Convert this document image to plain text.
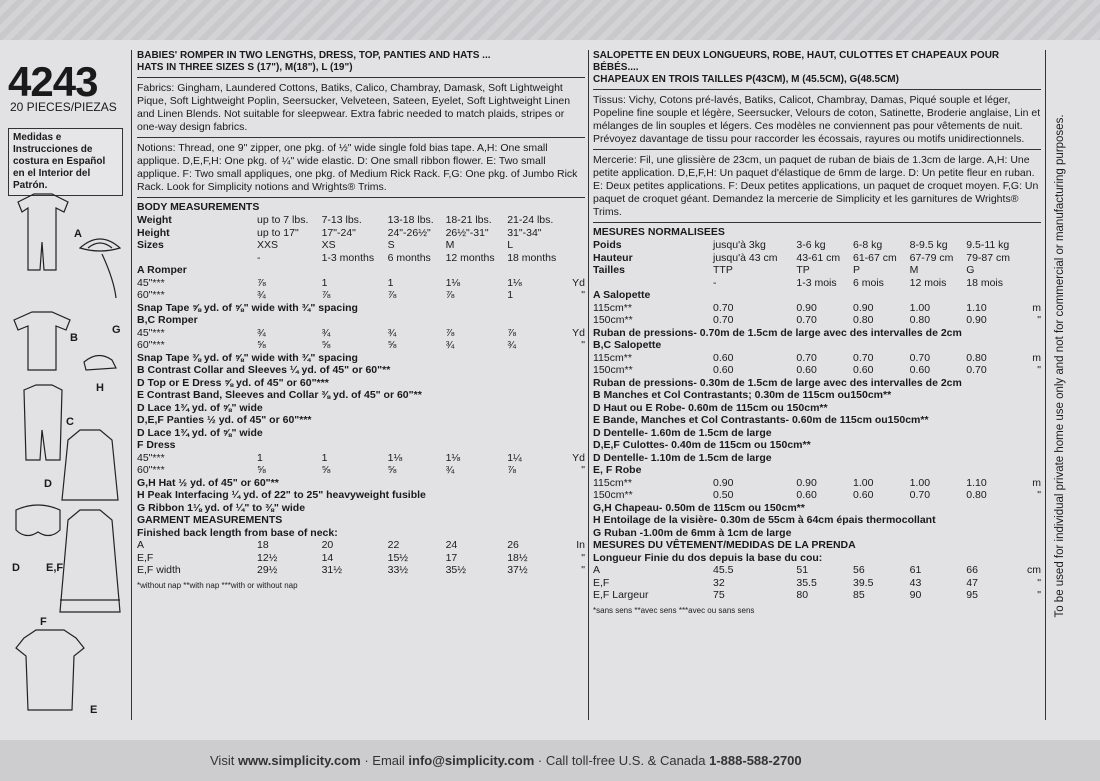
4243
20 PIECES/PIEZAS
Medidas e Instrucciones de costura en Español en el Interior del Patrón.
A
G
B
H
C
D
D E,F
F
E
BABIES' ROMPER IN TWO LENGTHS, DRESS, TOP, PANTIES AND HATS ...
HATS IN THREE SIZES S (17"), M(18"), L (19")
Fabrics: Gingham, Laundered Cottons, Batiks, Calico, Chambray, Damask, Soft Lightweight Pique, Soft Lightweight Poplin, Seersucker, Velveteen, Sateen, Eyelet, Soft Lightweight Linen and Linen Blends. Not suitable for sleepwear. Extra fabric needed to match plaids, stripes or one-way design fabrics.
Notions: Thread, one 9" zipper, one pkg. of ½" wide single fold bias tape. A,H: One small applique. D,E,F,H: One pkg. of ¼" wide elastic. D: One small ribbon flower. E: Two small applique. F: Two small appliques, one pkg. of Medium Rick Rack. F,G: One pkg. of Jumbo Rick Rack. Look for Simplicity notions and Wrights® Trims.
BODY MEASUREMENTS
Weight	up to 7 lbs.	7-13 lbs.	13-18 lbs.	18-21 lbs.	21-24 lbs.	
Height	up to 17"	17"-24"	24"-26½"	26½"-31"	31"-34"	
Sizes	XXS	XS	S	M	L	
	-	1-3 months	6 months	12 months	18 months	
A Romper						
45"***	⅞	1	1	1⅛	1⅛	Yd
60"***	¾	⅞	⅞	⅞	1	"
Snap Tape ⅝ yd. of ⅝" wide with ¾" spacing						
B,C Romper						
45"***	¾	¾	¾	⅞	⅞	Yd
60"***	⅝	⅝	⅝	¾	¾	"
Snap Tape ⅜ yd. of ⅝" wide with ¾" spacing						
B Contrast Collar and Sleeves ¼ yd. of 45" or 60"**						
D Top or E Dress ⅝ yd. of 45" or 60"***						
E Contrast Band, Sleeves and Collar ⅜ yd. of 45" or 60"**						
D Lace 1¾ yd. of ⅝" wide						
D,E,F Panties ½ yd. of 45" or 60"***						
D Lace 1¾ yd. of ⅝" wide						
F Dress						
45"***	1	1	1⅛	1⅛	1¼	Yd
60"***	⅝	⅝	⅝	¾	⅞	"
G,H Hat ½ yd. of 45" or 60"**						
H Peak Interfacing ¼ yd. of 22" to 25" heavyweight fusible						
G Ribbon 1⅛ yd. of ¼" to ⅜" wide						
GARMENT MEASUREMENTS						
Finished back length from base of neck:						
A	18	20	22	24	26	In
E,F	12½	14	15½	17	18½	"
E,F width	29½	31½	33½	35½	37½	"
*without nap **with nap ***with or without nap
SALOPETTE EN DEUX LONGUEURS, ROBE, HAUT, CULOTTES ET CHAPEAUX POUR BÉBÉS....
CHAPEAUX EN TROIS TAILLES P(43CM), M (45.5CM), G(48.5CM)
Tissus: Vichy, Cotons pré-lavés, Batiks, Calicot, Chambray, Damas, Piqué souple et léger, Popeline fine souple et légère, Seersucker, Velours de coton, Satinette, Broderie anglaise, Lin et mélanges de lin souples et légers. Ces modèles ne conviennent pas pour vêtements de nuit. Prévoyez davantage de tissu pour raccorder les écossais, rayures ou motifs unidirectionnels.
Mercerie: Fil, une glissière de 23cm, un paquet de ruban de biais de 1.3cm de large. A,H: Une petite application. D,E,F,H: Un paquet d'élastique de 6mm de large. D: Un petite fleur en ruban. E: Deux petites applications. F: Deux petites applications, un paquet de croquet moyen. F,G: Un paquet de croquet géant. Demandez la mercerie de Simplicity et les garnitures de Wrights® Trims.
MESURES NORMALISEES
Poids	jusqu'à 3kg	3-6 kg	6-8 kg	8-9.5 kg	9.5-11 kg	
Hauteur	jusqu'à 43 cm	43-61 cm	61-67 cm	67-79 cm	79-87 cm	
Tailles	TTP	TP	P	M	G	
	-	1-3 mois	6 mois	12 mois	18 mois	
A Salopette						
115cm**	0.70	0.90	0.90	1.00	1.10	m
150cm**	0.70	0.70	0.80	0.80	0.90	"
Ruban de pressions- 0.70m de 1.5cm de large avec des intervalles de 2cm						
B,C Salopette						
115cm**	0.60	0.70	0.70	0.70	0.80	m
150cm**	0.60	0.60	0.60	0.60	0.70	"
Ruban de pressions- 0.30m de 1.5cm de large avec des intervalles de 2cm						
B Manches et Col Contrastants; 0.30m de 115cm ou150cm**						
D Haut ou E Robe- 0.60m de 115cm ou 150cm**						
E Bande, Manches et Col Contrastants- 0.60m de 115cm ou150cm**						
D Dentelle- 1.60m de 1.5cm de large						
D,E,F Culottes- 0.40m de 115cm ou 150cm**						
D Dentelle- 1.10m de 1.5cm de large						
E, F Robe						
115cm**	0.90	0.90	1.00	1.00	1.10	m
150cm**	0.50	0.60	0.60	0.70	0.80	"
G,H Chapeau- 0.50m de 115cm ou 150cm**						
H Entoilage de la visière- 0.30m de 55cm à 64cm épais thermocollant						
G Ruban -1.00m de 6mm à 1cm de large						
MESURES DU VÊTEMENT/MEDIDAS DE LA PRENDA						
Longueur Finie du dos depuis la base du cou:						
A	45.5	51	56	61	66	cm
E,F	32	35.5	39.5	43	47	"
E,F Largeur	75	80	85	90	95	"
*sans sens **avec sens ***avec ou sans sens	To be used for individual private home use only and not for commercial or manufacturing purposes.
Visit www.simplicity.com · Email info@simplicity.com · Call toll-free U.S. & Canada 1-888-588-2700
